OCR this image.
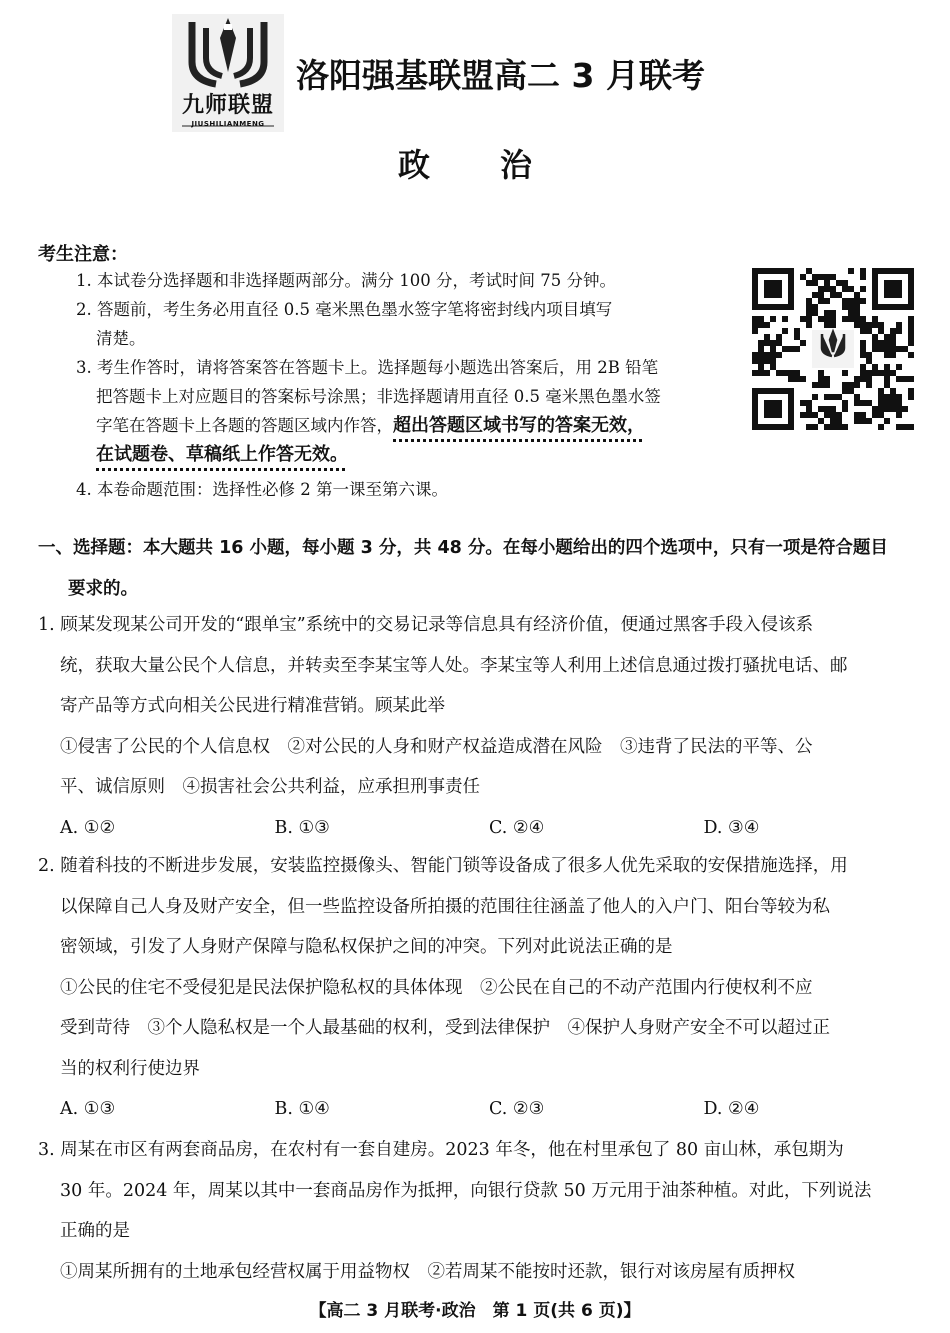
九师联盟
JIUSHILIANMENG
洛阳强基联盟高二 3 月联考
政治
考生注意：
1. 本试卷分选择题和非选择题两部分。满分 100 分，考试时间 75 分钟。
2. 答题前，考生务必用直径 0.5 毫米黑色墨水签字笔将密封线内项目填写
清楚。
3. 考生作答时，请将答案答在答题卡上。选择题每小题选出答案后，用 2B 铅笔
把答题卡上对应题目的答案标号涂黑；非选择题请用直径 0.5 毫米黑色墨水签
字笔在答题卡上各题的答题区域内作答，超出答题区域书写的答案无效，
在试题卷、草稿纸上作答无效。
4. 本卷命题范围：选择性必修 2 第一课至第六课。
一、选择题：本大题共 16 小题，每小题 3 分，共 48 分。在每小题给出的四个选项中，只有一项是符合题目
要求的。

1. 顾某发现某公司开发的“跟单宝”系统中的交易记录等信息具有经济价值，便通过黑客手段入侵该系

统，获取大量公民个人信息，并转卖至李某宝等人处。李某宝等人利用上述信息通过拨打骚扰电话、邮

寄产品等方式向相关公民进行精准营销。顾某此举

①侵害了公民的个人信息权　②对公民的人身和财产权益造成潜在风险　③违背了民法的平等、公

平、诚信原则　④损害社会公共利益，应承担刑事责任

A. ①②	B. ①③	C. ②④	D. ③④

2. 随着科技的不断进步发展，安装监控摄像头、智能门锁等设备成了很多人优先采取的安保措施选择，用

以保障自己人身及财产安全，但一些监控设备所拍摄的范围往往涵盖了他人的入户门、阳台等较为私

密领域，引发了人身财产保障与隐私权保护之间的冲突。下列对此说法正确的是

①公民的住宅不受侵犯是民法保护隐私权的具体体现　②公民在自己的不动产范围内行使权利不应

受到苛待　③个人隐私权是一个人最基础的权利，受到法律保护　④保护人身财产安全不可以超过正

当的权利行使边界

A. ①③	B. ①④	C. ②③	D. ②④

3. 周某在市区有两套商品房，在农村有一套自建房。2023 年冬，他在村里承包了 80 亩山林，承包期为

30 年。2024 年，周某以其中一套商品房作为抵押，向银行贷款 50 万元用于油茶种植。对此，下列说法

正确的是

①周某所拥有的土地承包经营权属于用益物权　②若周某不能按时还款，银行对该房屋有质押权

【高二 3 月联考·政治　第 1 页(共 6 页)】
